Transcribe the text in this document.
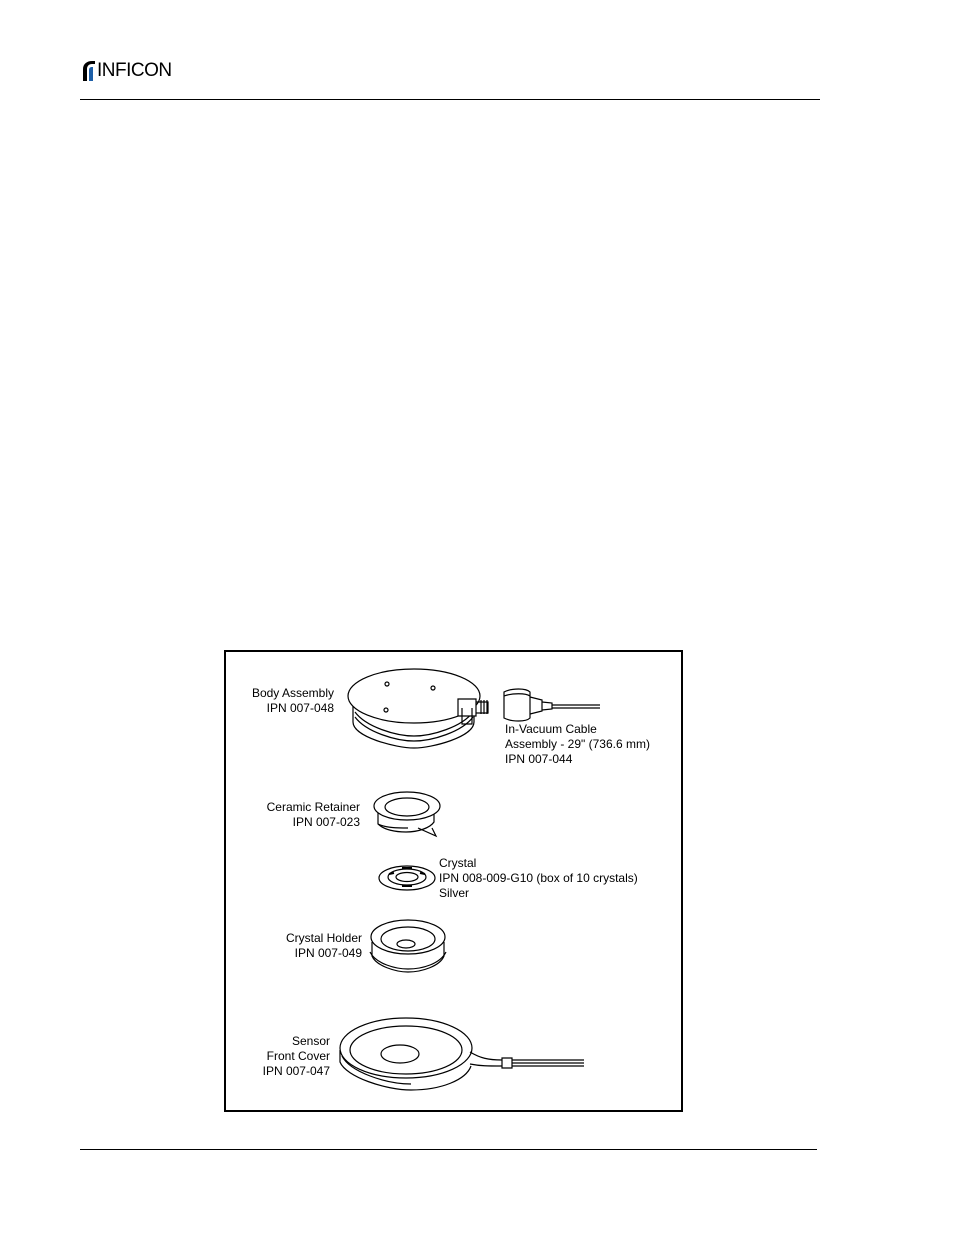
INFICON
Body Assembly
IPN 007-048
In-Vacuum Cable
Assembly - 29" (736.6 mm)
IPN 007-044
Ceramic Retainer
IPN 007-023
Crystal
IPN 008-009-G10 (box of 10 crystals)
Silver
Crystal Holder
IPN 007-049
Sensor
Front Cover
IPN 007-047
